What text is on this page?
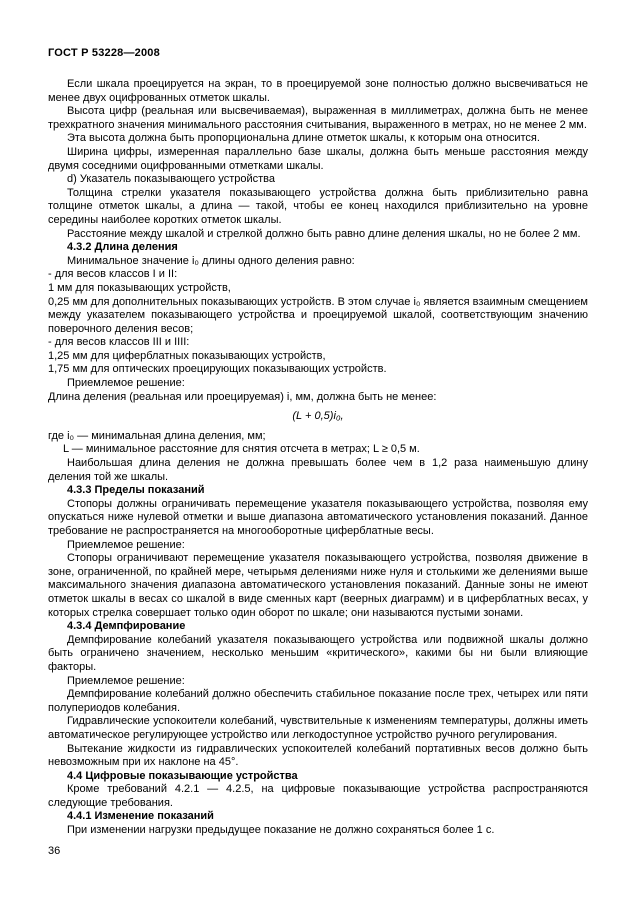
ГОСТ Р 53228—2008

Если шкала проецируется на экран, то в проецируемой зоне полностью должно высвечиваться не менее двух оцифрованных отметок шкалы.

Высота цифр (реальная или высвечиваемая), выраженная в миллиметрах, должна быть не менее трехкратного значения минимального расстояния считывания, выраженного в метрах, но не менее 2 мм.

Эта высота должна быть пропорциональна длине отметок шкалы, к которым она относится.

Ширина цифры, измеренная параллельно базе шкалы, должна быть меньше расстояния между двумя соседними оцифрованными отметками шкалы.

d) Указатель показывающего устройства

Толщина стрелки указателя показывающего устройства должна быть приблизительно равна толщине отметок шкалы, а длина — такой, чтобы ее конец находился приблизительно на уровне середины наиболее коротких отметок шкалы.

Расстояние между шкалой и стрелкой должно быть равно длине деления шкалы, но не более 2 мм.

4.3.2 Длина деления

Минимальное значение i₀ длины одного деления равно:

- для весов классов I и II:

1 мм для показывающих устройств,

0,25 мм для дополнительных показывающих устройств. В этом случае i₀ является взаимным смещением между указателем показывающего устройства и проецируемой шкалой, соответствующим значению поверочного деления весов;

- для весов классов III и IIII:

1,25 мм для циферблатных показывающих устройств,

1,75 мм для оптических проецирующих показывающих устройств.

Приемлемое решение:

Длина деления (реальная или проецируемая) i, мм, должна быть не менее:

(L + 0,5)i₀,

где i₀ — минимальная длина деления, мм;

L — минимальное расстояние для снятия отсчета в метрах; L ≥ 0,5 м.

Наибольшая длина деления не должна превышать более чем в 1,2 раза наименьшую длину деления той же шкалы.

4.3.3 Пределы показаний

Стопоры должны ограничивать перемещение указателя показывающего устройства, позволяя ему опускаться ниже нулевой отметки и выше диапазона автоматического установления показаний. Данное требование не распространяется на многооборотные циферблатные весы.

Приемлемое решение:

Стопоры ограничивают перемещение указателя показывающего устройства, позволяя движение в зоне, ограниченной, по крайней мере, четырьмя делениями ниже нуля и столькими же делениями выше максимального значения диапазона автоматического установления показаний. Данные зоны не имеют отметок шкалы в весах со шкалой в виде сменных карт (веерных диаграмм) и в циферблатных весах, у которых стрелка совершает только один оборот по шкале; они называются пустыми зонами.

4.3.4 Демпфирование

Демпфирование колебаний указателя показывающего устройства или подвижной шкалы должно быть ограничено значением, несколько меньшим «критического», какими бы ни были влияющие факторы.

Приемлемое решение:

Демпфирование колебаний должно обеспечить стабильное показание после трех, четырех или пяти полупериодов колебания.

Гидравлические успокоители колебаний, чувствительные к изменениям температуры, должны иметь автоматическое регулирующее устройство или легкодоступное устройство ручного регулирования.

Вытекание жидкости из гидравлических успокоителей колебаний портативных весов должно быть невозможным при их наклоне на 45°.

4.4 Цифровые показывающие устройства

Кроме требований 4.2.1 — 4.2.5, на цифровые показывающие устройства распространяются следующие требования.

4.4.1 Изменение показаний

При изменении нагрузки предыдущее показание не должно сохраняться более 1 с.

36
